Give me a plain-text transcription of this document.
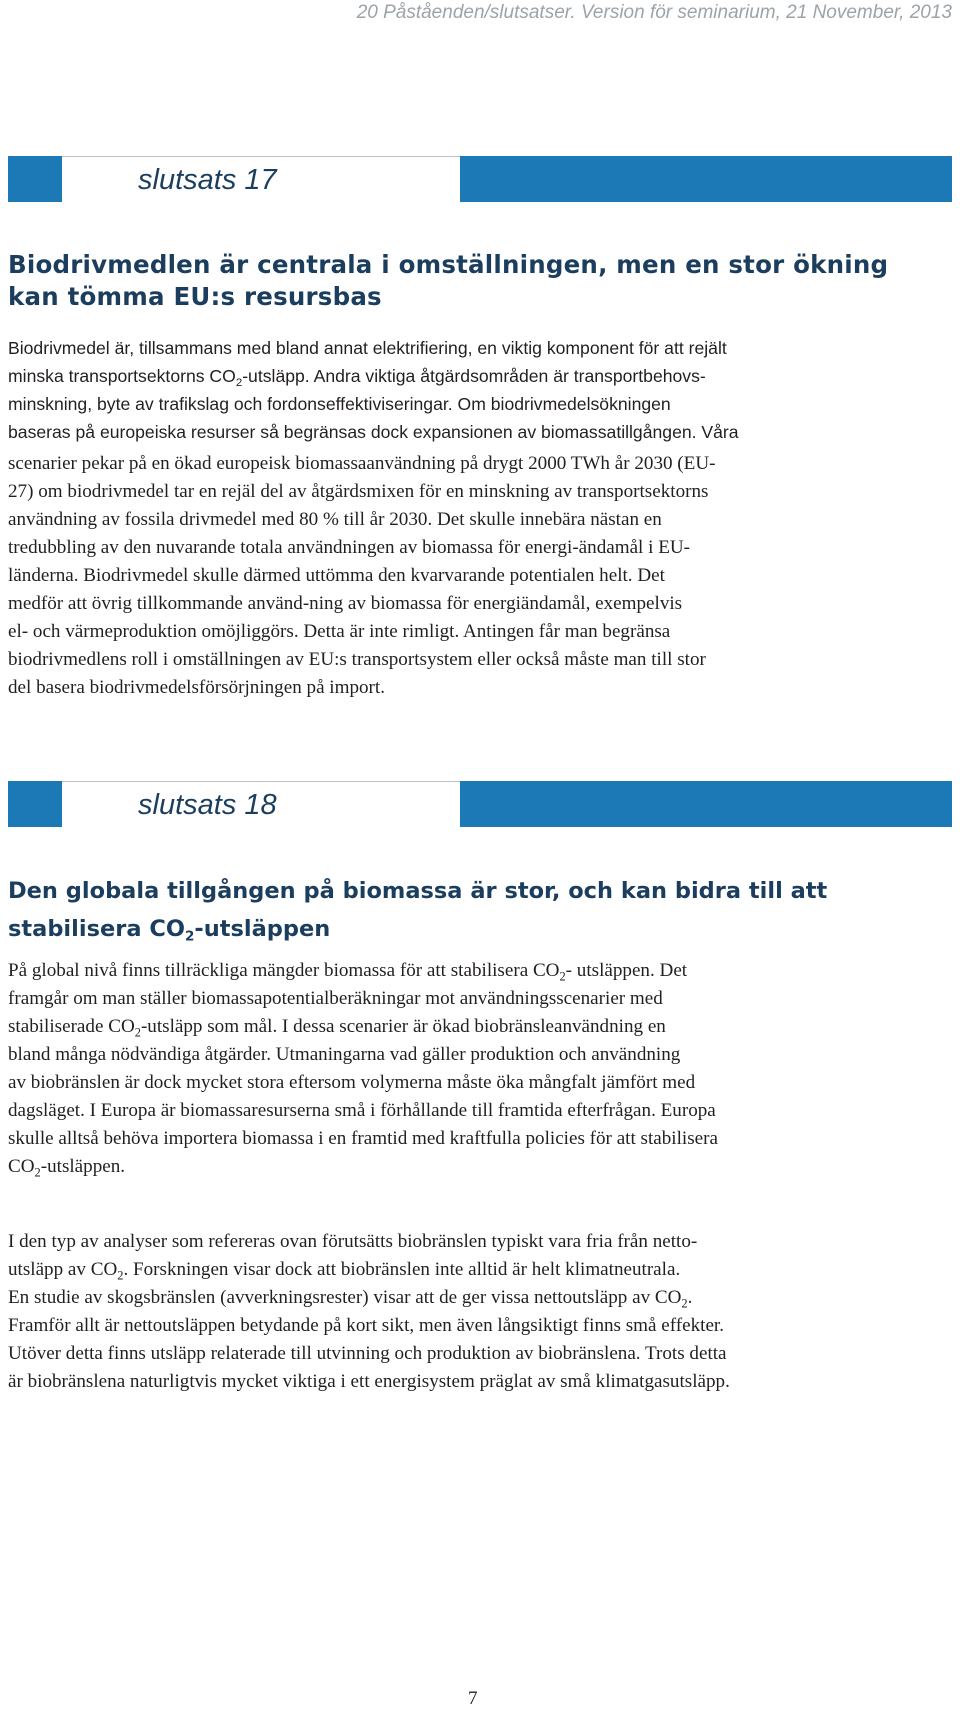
20 Påståenden/slutsatser. Version för seminarium, 21 November, 2013
slutsats 17
Biodrivmedlen är centrala i omställningen, men en stor ökning
kan tömma EU:s resursbas
Biodrivmedel är, tillsammans med bland annat elektrifiering, en viktig komponent för att rejält
minska transportsektorns $CO_2$-utsläpp. Andra viktiga åtgärdsområden är transportbehovs-
minskning, byte av trafikslag och fordonseffektiviseringar. Om biodrivmedelsökningen
baseras på europeiska resurser så begränsas dock expansionen av biomassatillgången. Våra
scenarier pekar på en ökad europeisk biomassaanvändning på drygt 2000 TWh år 2030 (EU-
27) om biodrivmedel tar en rejäl del av åtgärdsmixen för en minskning av transportsektorns
användning av fossila drivmedel med 80 % till år 2030. Det skulle innebära nästan en
tredubbling av den nuvarande totala användningen av biomassa för energi-ändamål i EU-
länderna. Biodrivmedel skulle därmed uttömma den kvarvarande potentialen helt. Det
medför att övrig tillkommande använd-ning av biomassa för energiändamål, exempelvis
el- och värmeproduktion omöjliggörs. Detta är inte rimligt. Antingen får man begränsa
biodrivmedlens roll i omställningen av EU:s transportsystem eller också måste man till stor
del basera biodrivmedelsförsörjningen på import.
slutsats 18
Den globala tillgången på biomassa är stor, och kan bidra till att
stabilisera $CO_2$-utsläppen
På global nivå finns tillräckliga mängder biomassa för att stabilisera $CO_2-$ utsläppen. Det
framgår om man ställer biomassapotentialberäkningar mot användningsscenarier med
stabiliserade $CO_2$-utsläpp som mål. I dessa scenarier är ökad biobränsleanvändning en
bland många nödvändiga åtgärder. Utmaningarna vad gäller produktion och användning
av biobränslen är dock mycket stora eftersom volymerna måste öka mångfalt jämfört med
dagsläget. I Europa är biomassaresurserna små i förhållande till framtida efterfrågan. Europa
skulle alltså behöva importera biomassa i en framtid med kraftfulla policies för att stabilisera
$CO_2$-utsläppen.
I den typ av analyser som refereras ovan förutsätts biobränslen typiskt vara fria från netto-
utsläpp av $CO_2$. Forskningen visar dock att biobränslen inte alltid är helt klimatneutrala.
En studie av skogsbränslen (avverkningsrester) visar att de ger vissa nettoutsläpp av $CO_2$.
Framför allt är nettoutsläppen betydande på kort sikt, men även långsiktigt finns små effekter.
Utöver detta finns utsläpp relaterade till utvinning och produktion av biobränslena. Trots detta
är biobränslena naturligtvis mycket viktiga i ett energisystem präglat av små klimatgasutsläpp.
7
